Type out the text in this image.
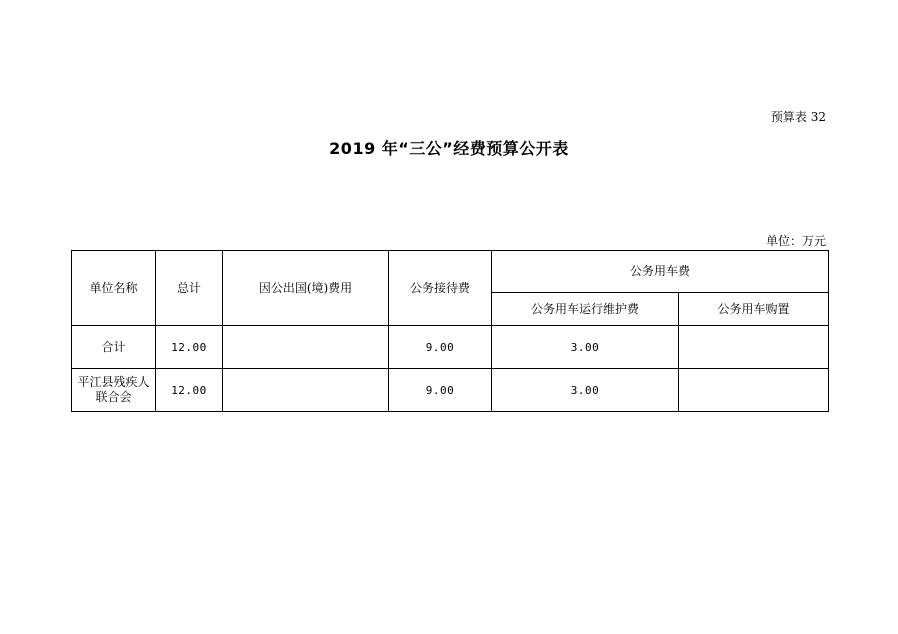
预算表 32
2019 年“三公”经费预算公开表
单位：万元
单位名称	总计	因公出国(境)费用	公务接待费	公务用车费	
				公务用车运行维护费	公务用车购置
合计	12.00		9.00	3.00	
平江县残疾人联合会	12.00		9.00	3.00	
